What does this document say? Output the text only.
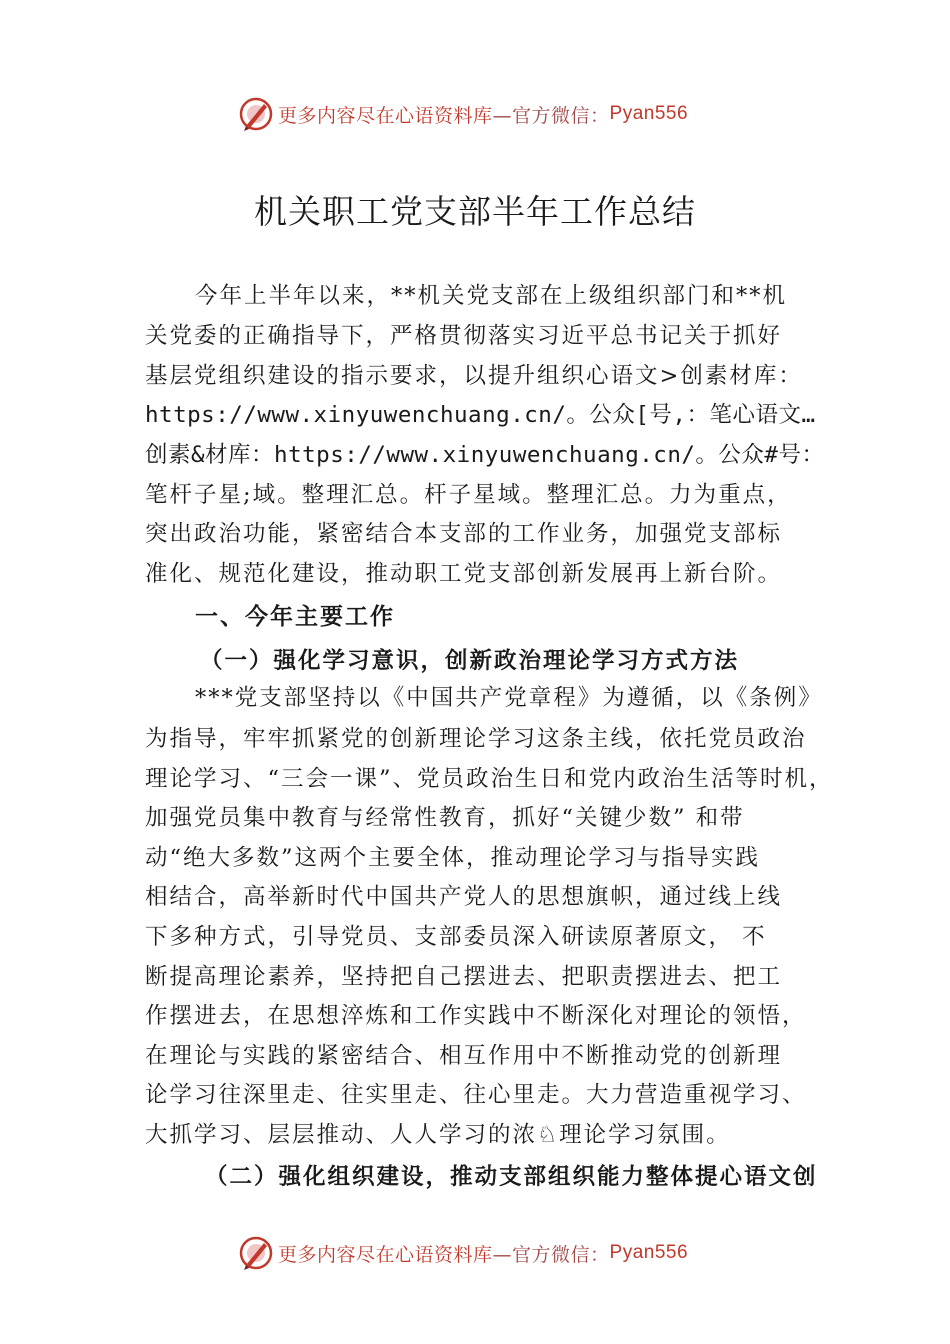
更多内容尽在心语资料库 —官方微信： Pyan556
机关职工党支部半年工作总结
今年上半年以来，**机关党支部在上级组织部门和**机
关党委的正确指导下，严格贯彻落实习近平总书记关于抓好
基层党组织建设的指示要求，以提升组织心语文>创素材库：
https://www.xinyuwenchuang.cn/。公众[号,：笔心语文…
创素&材库：https://www.xinyuwenchuang.cn/。公众#号：
笔杆子星;域。整理汇总。杆子星域。整理汇总。力为重点，
突出政治功能，紧密结合本支部的工作业务，加强党支部标
准化、规范化建设，推动职工党支部创新发展再上新台阶。
一、今年主要工作
（一）强化学习意识，创新政治理论学习方式方法
***党支部坚持以《中国共产党章程》为遵循，以《条例》
为指导，牢牢抓紧党的创新理论学习这条主线，依托党员政治
理论学习、“三会一课”、党员政治生日和党内政治生活等时机，
加强党员集中教育与经常性教育，抓好“关键少数” 和带
动“绝大多数”这两个主要全体，推动理论学习与指导实践
相结合，高举新时代中国共产党人的思想旗帜，通过线上线
下多种方式，引导党员、支部委员深入研读原著原文， 不
断提高理论素养，坚持把自己摆进去、把职责摆进去、把工
作摆进去，在思想淬炼和工作实践中不断深化对理论的领悟，
在理论与实践的紧密结合、相互作用中不断推动党的创新理
论学习往深里走、往实里走、往心里走。大力营造重视学习、
大抓学习、层层推动、人人学习的浓♘理论学习氛围。
（二）强化组织建设，推动支部组织能力整体提心语文创
更多内容尽在心语资料库 —官方微信： Pyan556
